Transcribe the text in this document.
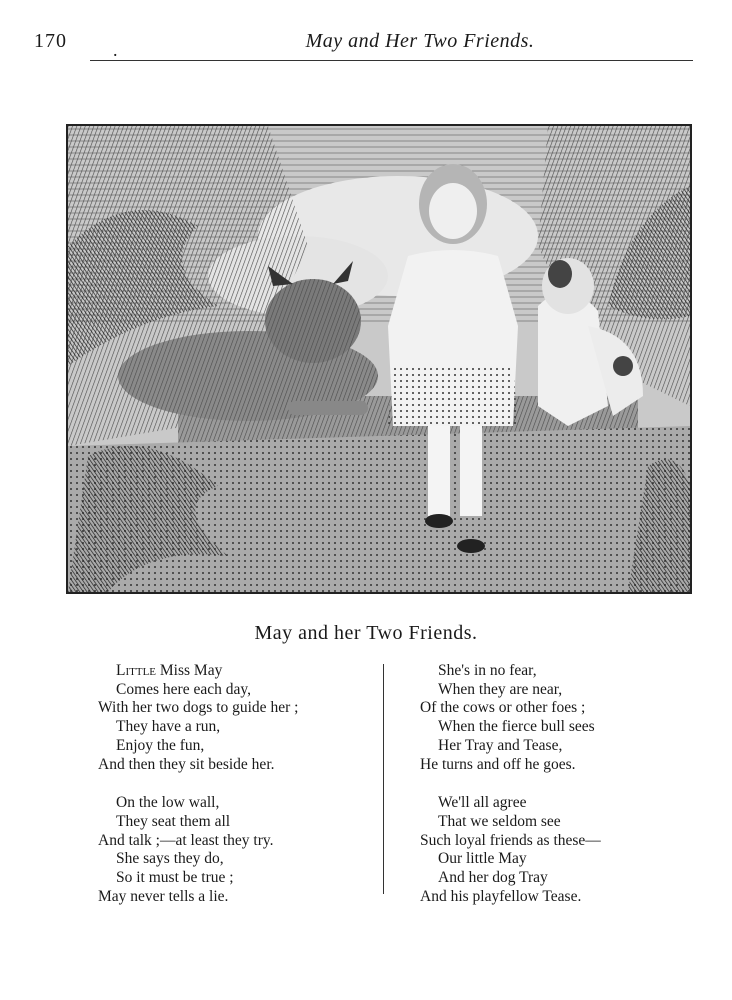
170	.	May and Her Two Friends.
May and her Two Friends.
Little Miss May
Comes here each day,
With her two dogs to guide her ;
They have a run,
Enjoy the fun,
And then they sit beside her.
On the low wall,
They seat them all
And talk ;—at least they try.
She says they do,
So it must be true ;
May never tells a lie.
She's in no fear,
When they are near,
Of the cows or other foes ;
When the fierce bull sees
Her Tray and Tease,
He turns and off he goes.
We'll all agree
That we seldom see
Such loyal friends as these—
Our little May
And her dog Tray
And his playfellow Tease.
